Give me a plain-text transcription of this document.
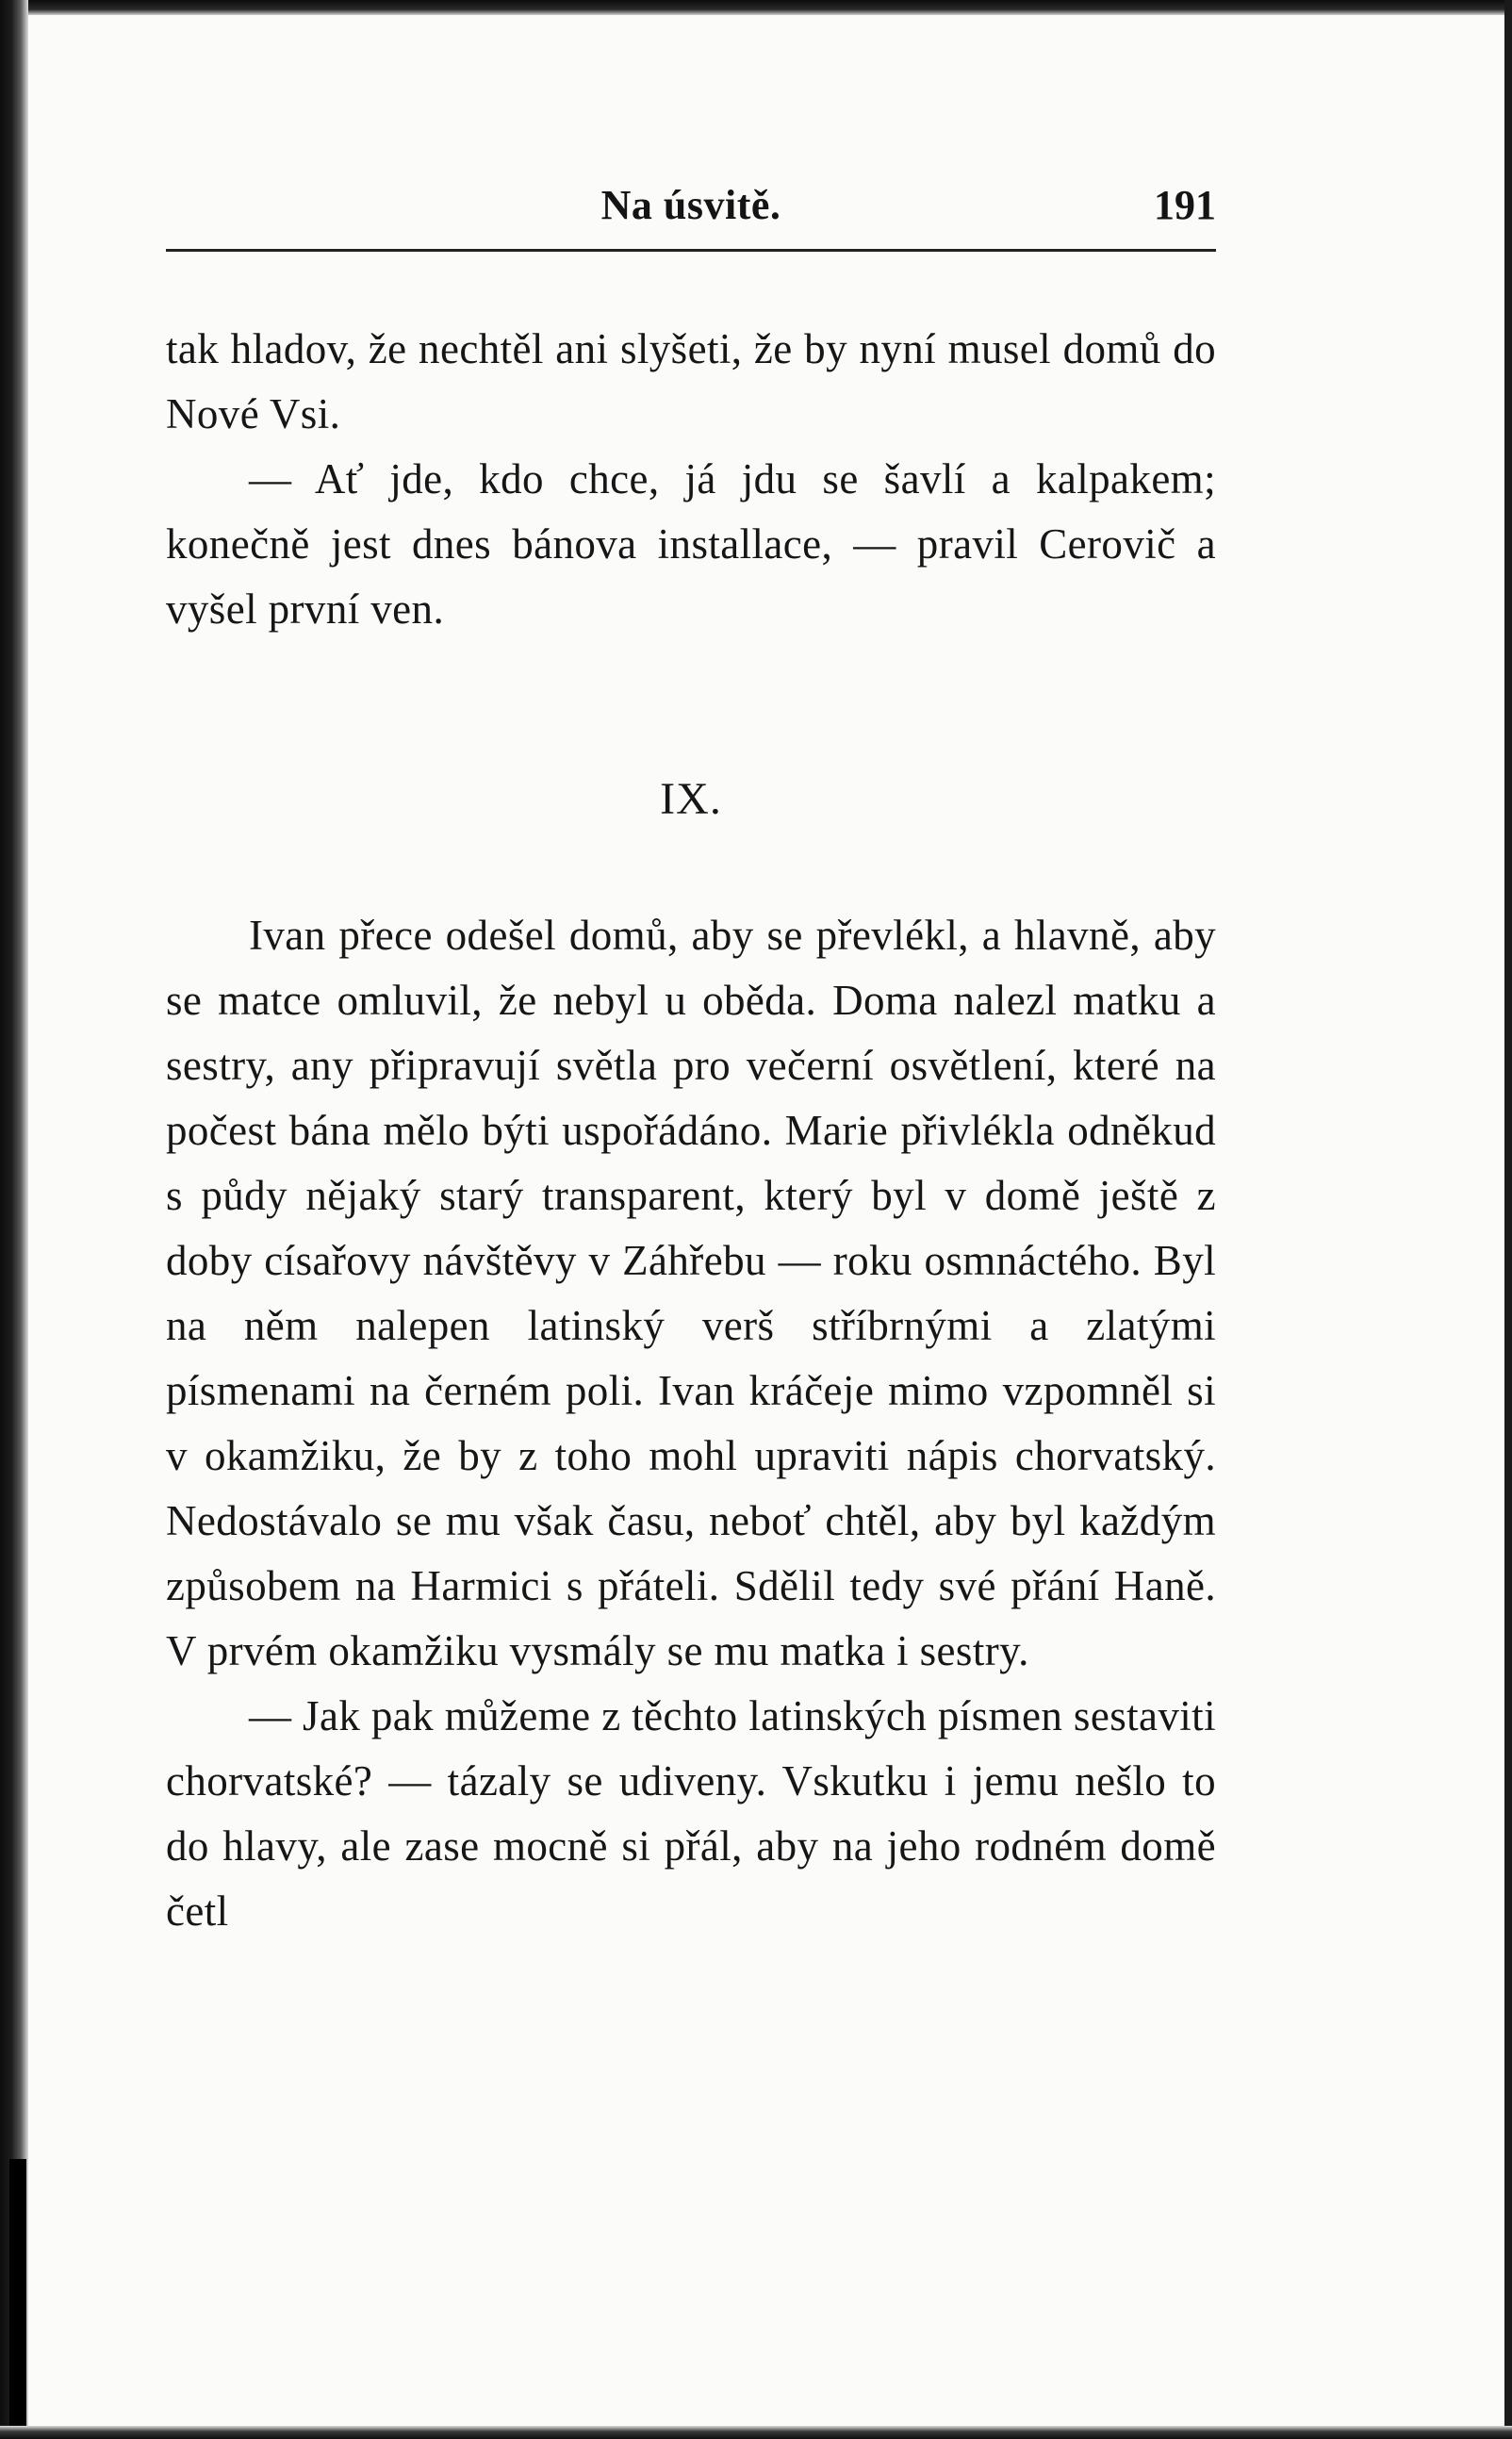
Na úsvitě.	191

tak hladov, že nechtěl ani slyšeti, že by nyní musel domů do Nové Vsi.

— Ať jde, kdo chce, já jdu se šavlí a kalpakem; konečně jest dnes bánova installace, — pravil Cerovič a vyšel první ven.

IX.

Ivan přece odešel domů, aby se převlékl, a hlavně, aby se matce omluvil, že nebyl u oběda. Doma nalezl matku a sestry, any připravují světla pro večerní osvětlení, které na počest bána mělo býti uspořádáno. Marie přivlékla odněkud s půdy nějaký starý transparent, který byl v domě ještě z doby císařovy návštěvy v Záhřebu — roku osmnáctého. Byl na něm nalepen latinský verš stříbrnými a zlatými písmenami na černém poli. Ivan kráčeje mimo vzpomněl si v okamžiku, že by z toho mohl upraviti nápis chorvatský. Nedostávalo se mu však času, neboť chtěl, aby byl každým způsobem na Harmici s přáteli. Sdělil tedy své přání Haně. V prvém okamžiku vysmály se mu matka i sestry.

— Jak pak můžeme z těchto latinských písmen sestaviti chorvatské? — tázaly se udiveny. Vskutku i jemu nešlo to do hlavy, ale zase mocně si přál, aby na jeho rodném domě četl
